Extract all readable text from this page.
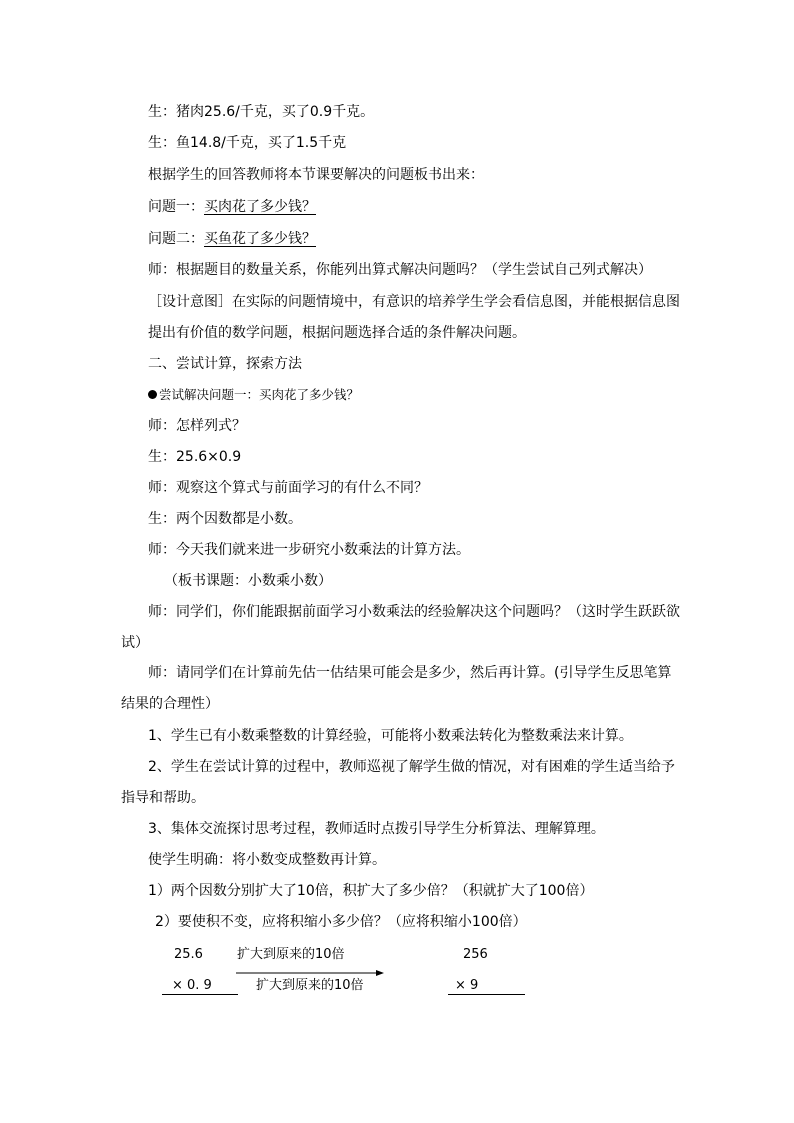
生：猪肉25.6/千克，买了0.9千克。
生：鱼14.8/千克，买了1.5千克
根据学生的回答教师将本节课要解决的问题板书出来：
问题一：买肉花了多少钱？
问题二：买鱼花了多少钱？
师：根据题目的数量关系，你能列出算式解决问题吗？（学生尝试自己列式解决）
［设计意图］在实际的问题情境中，有意识的培养学生学会看信息图，并能根据信息图
提出有价值的数学问题，根据问题选择合适的条件解决问题。
二、尝试计算，探索方法
尝试解决问题一：买肉花了多少钱？
师：怎样列式？
生：25.6×0.9
师：观察这个算式与前面学习的有什么不同？
生：两个因数都是小数。
师：今天我们就来进一步研究小数乘法的计算方法。
（板书课题：小数乘小数）
师：同学们，你们能跟据前面学习小数乘法的经验解决这个问题吗？（这时学生跃跃欲
试）
师：请同学们在计算前先估一估结果可能会是多少，然后再计算。(引导学生反思笔算
结果的合理性）
1、学生已有小数乘整数的计算经验，可能将小数乘法转化为整数乘法来计算。
2、学生在尝试计算的过程中，教师巡视了解学生做的情况，对有困难的学生适当给予
指导和帮助。
3、集体交流探讨思考过程，教师适时点拨引导学生分析算法、理解算理。
使学生明确：将小数变成整数再计算。
1）两个因数分别扩大了10倍，积扩大了多少倍？（积就扩大了100倍）
2）要使积不变，应将积缩小多少倍？（应将积缩小100倍）
25.6	扩大到原来的10倍	256
× 0. 9	扩大到原来的10倍	× 9
